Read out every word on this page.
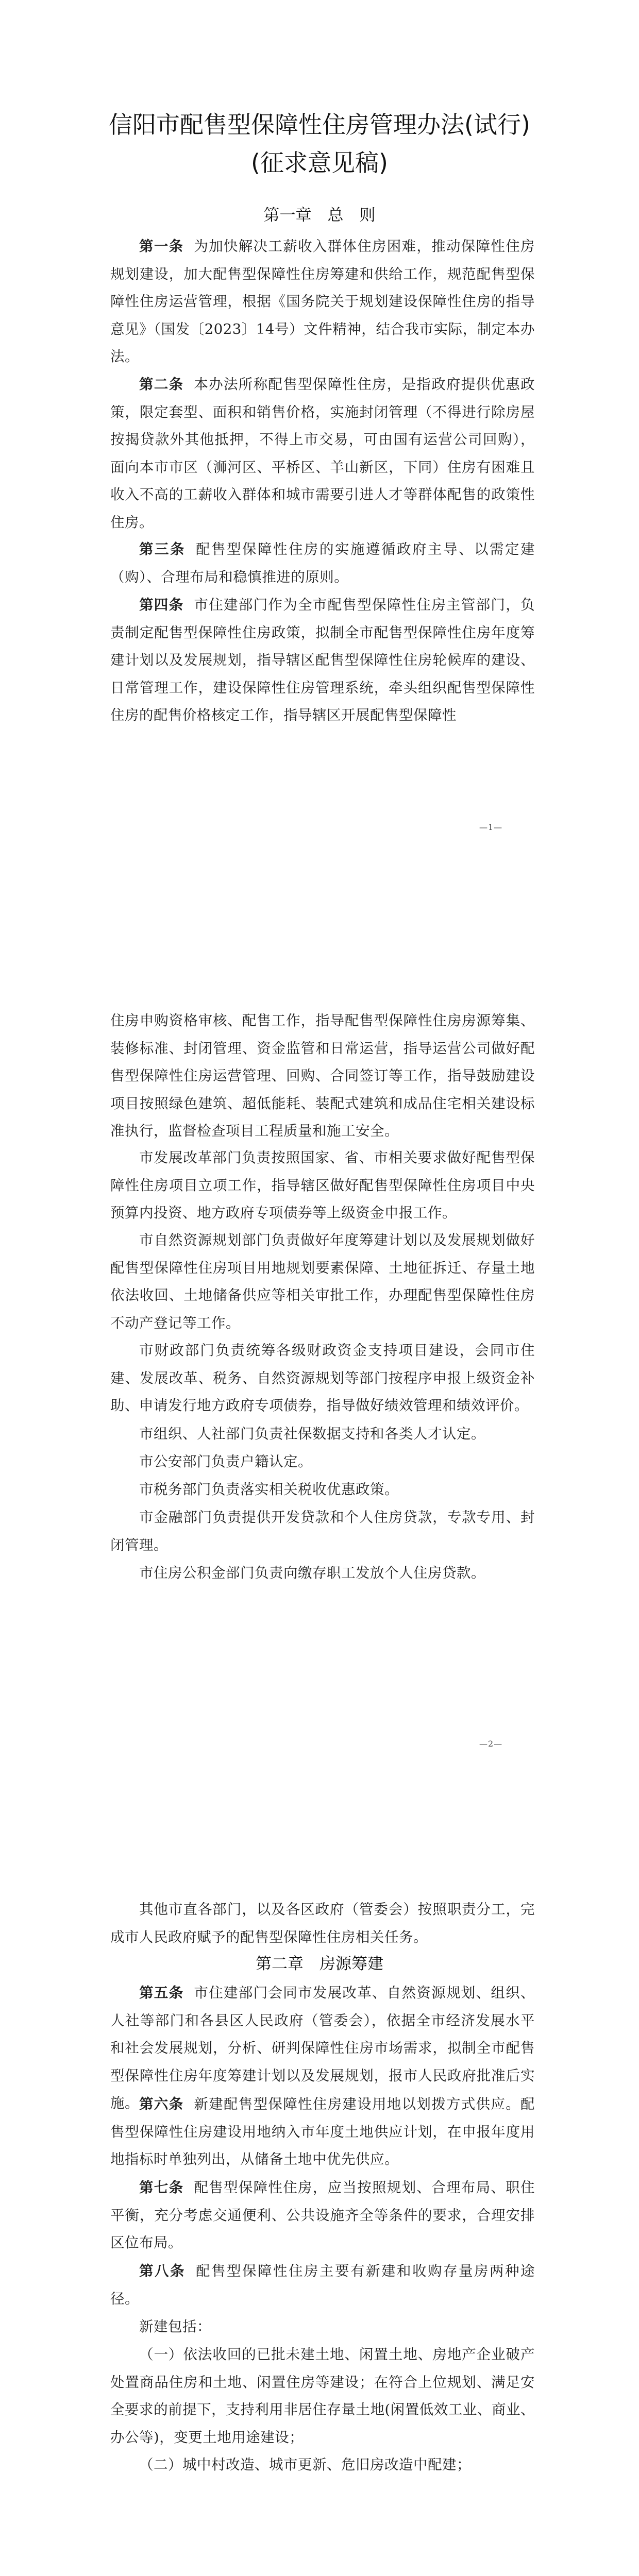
信阳市配售型保障性住房管理办法(试行)
(征求意见稿)
第一章　总　则

第一条 为加快解决工薪收入群体住房困难，推动保障性住房规划建设，加大配售型保障性住房筹建和供给工作，规范配售型保障性住房运营管理，根据《国务院关于规划建设保障性住房的指导意见》（国发〔2023〕14号）文件精神，结合我市实际，制定本办法。

第二条 本办法所称配售型保障性住房，是指政府提供优惠政策，限定套型、面积和销售价格，实施封闭管理（不得进行除房屋按揭贷款外其他抵押，不得上市交易，可由国有运营公司回购），面向本市市区（浉河区、平桥区、羊山新区，下同）住房有困难且收入不高的工薪收入群体和城市需要引进人才等群体配售的政策性住房。

第三条 配售型保障性住房的实施遵循政府主导、以需定建（购）、合理布局和稳慎推进的原则。

第四条 市住建部门作为全市配售型保障性住房主管部门，负责制定配售型保障性住房政策，拟制全市配售型保障性住房年度筹建计划以及发展规划，指导辖区配售型保障性住房轮候库的建设、日常管理工作，建设保障性住房管理系统，牵头组织配售型保障性住房的配售价格核定工作，指导辖区开展配售型保障性

—1—

住房申购资格审核、配售工作，指导配售型保障性住房房源筹集、装修标准、封闭管理、资金监管和日常运营，指导运营公司做好配售型保障性住房运营管理、回购、合同签订等工作，指导鼓励建设项目按照绿色建筑、超低能耗、装配式建筑和成品住宅相关建设标准执行，监督检查项目工程质量和施工安全。

市发展改革部门负责按照国家、省、市相关要求做好配售型保障性住房项目立项工作，指导辖区做好配售型保障性住房项目中央预算内投资、地方政府专项债券等上级资金申报工作。

市自然资源规划部门负责做好年度筹建计划以及发展规划做好配售型保障性住房项目用地规划要素保障、土地征拆迁、存量土地依法收回、土地储备供应等相关审批工作，办理配售型保障性住房不动产登记等工作。

市财政部门负责统筹各级财政资金支持项目建设，会同市住建、发展改革、税务、自然资源规划等部门按程序申报上级资金补助、申请发行地方政府专项债券，指导做好绩效管理和绩效评价。

市组织、人社部门负责社保数据支持和各类人才认定。

市公安部门负责户籍认定。

市税务部门负责落实相关税收优惠政策。

市金融部门负责提供开发贷款和个人住房贷款，专款专用、封闭管理。

市住房公积金部门负责向缴存职工发放个人住房贷款。

—2—

其他市直各部门，以及各区政府（管委会）按照职责分工，完成市人民政府赋予的配售型保障性住房相关任务。

第二章　房源筹建

第五条 市住建部门会同市发展改革、自然资源规划、组织、人社等部门和各县区人民政府（管委会），依据全市经济发展水平和社会发展规划，分析、研判保障性住房市场需求，拟制全市配售型保障性住房年度筹建计划以及发展规划，报市人民政府批准后实施。 第六条 新建配售型保障性住房建设用地以划拨方式供应。配售型保障性住房建设用地纳入市年度土地供应计划，在申报年度用地指标时单独列出，从储备土地中优先供应。

第七条 配售型保障性住房，应当按照规划、合理布局、职住平衡，充分考虑交通便利、公共设施齐全等条件的要求，合理安排区位布局。

第八条 配售型保障性住房主要有新建和收购存量房两种途径。

新建包括：

（一）依法收回的已批未建土地、闲置土地、房地产企业破产处置商品住房和土地、闲置住房等建设；在符合上位规划、满足安全要求的前提下，支持利用非居住存量土地(闲置低效工业、商业、办公等)，变更土地用途建设；

（二）城中村改造、城市更新、危旧房改造中配建；
